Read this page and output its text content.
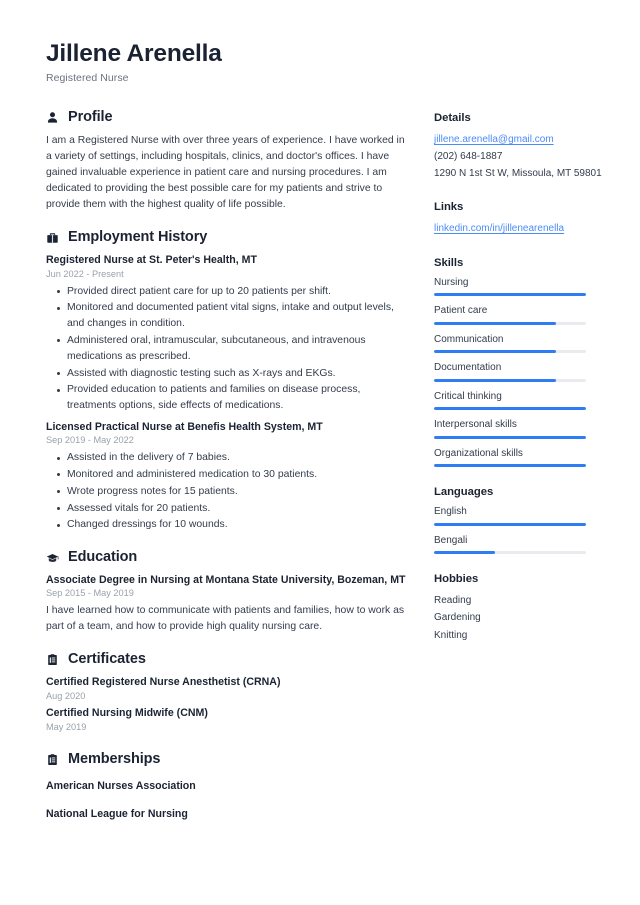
Jillene Arenella

Registered Nurse

Profile

I am a Registered Nurse with over three years of experience. I have worked in a variety of settings, including hospitals, clinics, and doctor's offices. I have gained invaluable experience in patient care and nursing procedures. I am dedicated to providing the best possible care for my patients and strive to provide them with the highest quality of life possible.

Employment History

Registered Nurse at St. Peter's Health, MT

Jun 2022 - Present

Provided direct patient care for up to 20 patients per shift.
Monitored and documented patient vital signs, intake and output levels, and changes in condition.
Administered oral, intramuscular, subcutaneous, and intravenous medications as prescribed.
Assisted with diagnostic testing such as X-rays and EKGs.
Provided education to patients and families on disease process, treatments options, side effects of medications.

Licensed Practical Nurse at Benefis Health System, MT

Sep 2019 - May 2022

Assisted in the delivery of 7 babies.
Monitored and administered medication to 30 patients.
Wrote progress notes for 15 patients.
Assessed vitals for 20 patients.
Changed dressings for 10 wounds.
Education

Associate Degree in Nursing at Montana State University, Bozeman, MT

Sep 2015 - May 2019

I have learned how to communicate with patients and families, how to work as part of a team, and how to provide high quality nursing care.

Certificates

Certified Registered Nurse Anesthetist (CRNA)

Aug 2020

Certified Nursing Midwife (CNM)

May 2019

Memberships

American Nurses Association

National League for Nursing

Details

jillene.arenella@gmail.com
(202) 648-1887
1290 N 1st St W, Missoula, MT 59801

Links

linkedin.com/in/jillenearenella

Skills

Nursing
Patient care
Communication
Documentation
Critical thinking
Interpersonal skills
Organizational skills

Languages

English
Bengali

Hobbies

Reading
Gardening
Knitting
